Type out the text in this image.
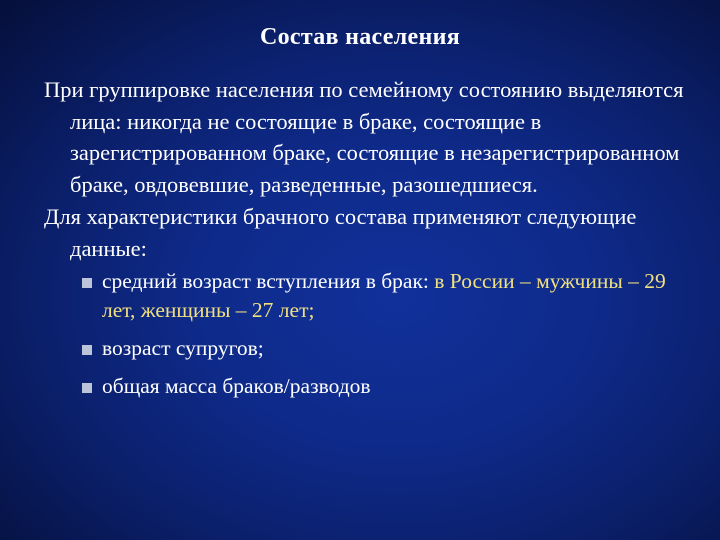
Состав населения

При группировке населения по семейному состоянию выделяются лица: никогда не состоящие в браке, состоящие в зарегистрированном браке, состоящие в незарегистрированном браке, овдовевшие, разведенные, разошедшиеся.

Для характеристики брачного состава применяют следующие данные:

средний возраст вступления в брак: в России – мужчины – 29 лет, женщины – 27 лет;
возраст супругов;
общая масса браков/разводов
